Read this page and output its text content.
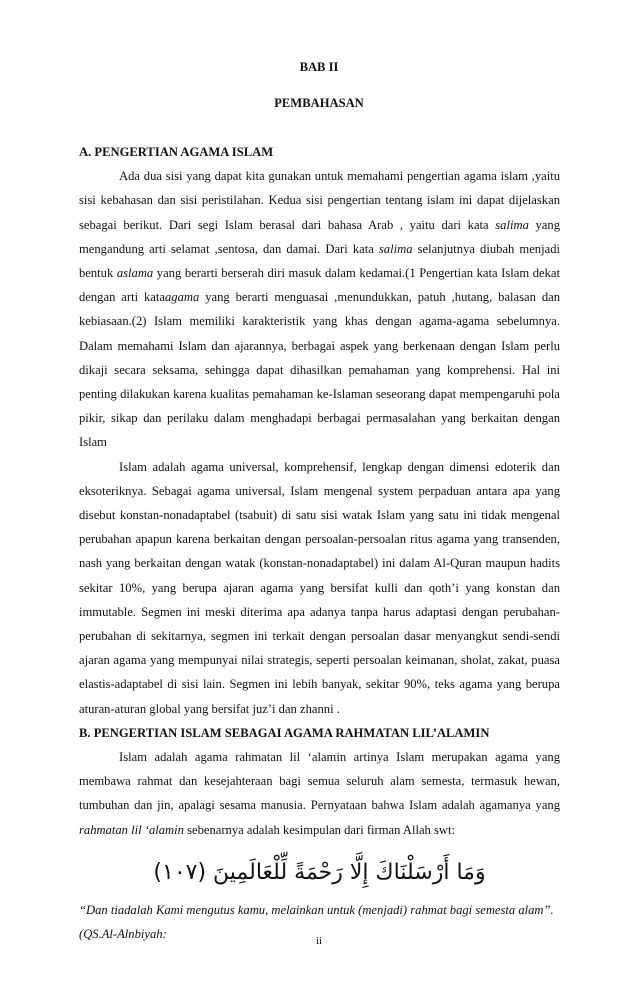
BAB II
PEMBAHASAN
A. PENGERTIAN AGAMA ISLAM

Ada dua sisi yang dapat kita gunakan untuk memahami pengertian agama islam ,yaitu sisi kebahasan dan sisi peristilahan. Kedua sisi pengertian tentang islam ini dapat dijelaskan sebagai berikut. Dari segi Islam berasal dari bahasa Arab , yaitu dari kata salima yang mengandung arti selamat ,sentosa, dan damai. Dari kata salima selanjutnya diubah menjadi bentuk aslama yang berarti berserah diri masuk dalam kedamai.(1 Pengertian kata Islam dekat dengan arti kataagama yang berarti menguasai ,menundukkan, patuh ,hutang, balasan dan kebiasaan.(2) Islam memiliki karakteristik yang khas dengan agama-agama sebelumnya. Dalam memahami Islam dan ajarannya, berbagai aspek yang berkenaan dengan Islam perlu dikaji secara seksama, sehingga dapat dihasilkan pemahaman yang komprehensi. Hal ini penting dilakukan karena kualitas pemahaman ke-Islaman seseorang dapat mempengaruhi pola pikir, sikap dan perilaku dalam menghadapi berbagai permasalahan yang berkaitan dengan Islam

Islam adalah agama universal, komprehensif, lengkap dengan dimensi edoterik dan eksoteriknya. Sebagai agama universal, Islam mengenal system perpaduan antara apa yang disebut konstan-nonadaptabel (tsabuit) di satu sisi watak Islam yang satu ini tidak mengenal perubahan apapun karena berkaitan dengan persoalan-persoalan ritus agama yang transenden, nash yang berkaitan dengan watak (konstan-nonadaptabel) ini dalam Al-Quran maupun hadits sekitar 10%, yang berupa ajaran agama yang bersifat kulli dan qoth’i yang konstan dan immutable. Segmen ini meski diterima apa adanya tanpa harus adaptasi dengan perubahan-perubahan di sekitarnya, segmen ini terkait dengan persoalan dasar menyangkut sendi-sendi ajaran agama yang mempunyai nilai strategis, seperti persoalan keimanan, sholat, zakat, puasa elastis-adaptabel di sisi lain. Segmen ini lebih banyak, sekitar 90%, teks agama yang berupa aturan-aturan global yang bersifat juz’i dan zhanni .

B. PENGERTIAN ISLAM SEBAGAI AGAMA RAHMATAN LIL’ALAMIN

Islam adalah agama rahmatan lil ‘alamin artinya Islam merupakan agama yang membawa rahmat dan kesejahteraan bagi semua seluruh alam semesta, termasuk hewan, tumbuhan dan jin, apalagi sesama manusia. Pernyataan bahwa Islam adalah agamanya yang rahmatan lil ‘alamin sebenarnya adalah kesimpulan dari firman Allah swt:

وَمَا أَرْسَلْنَاكَ إِلَّا رَحْمَةً لِّلْعَالَمِينَ (١٠٧)

“Dan tiadalah Kami mengutus kamu, melainkan untuk (menjadi) rahmat bagi semesta alam”.(QS.Al-Alnbiyah:	ii
